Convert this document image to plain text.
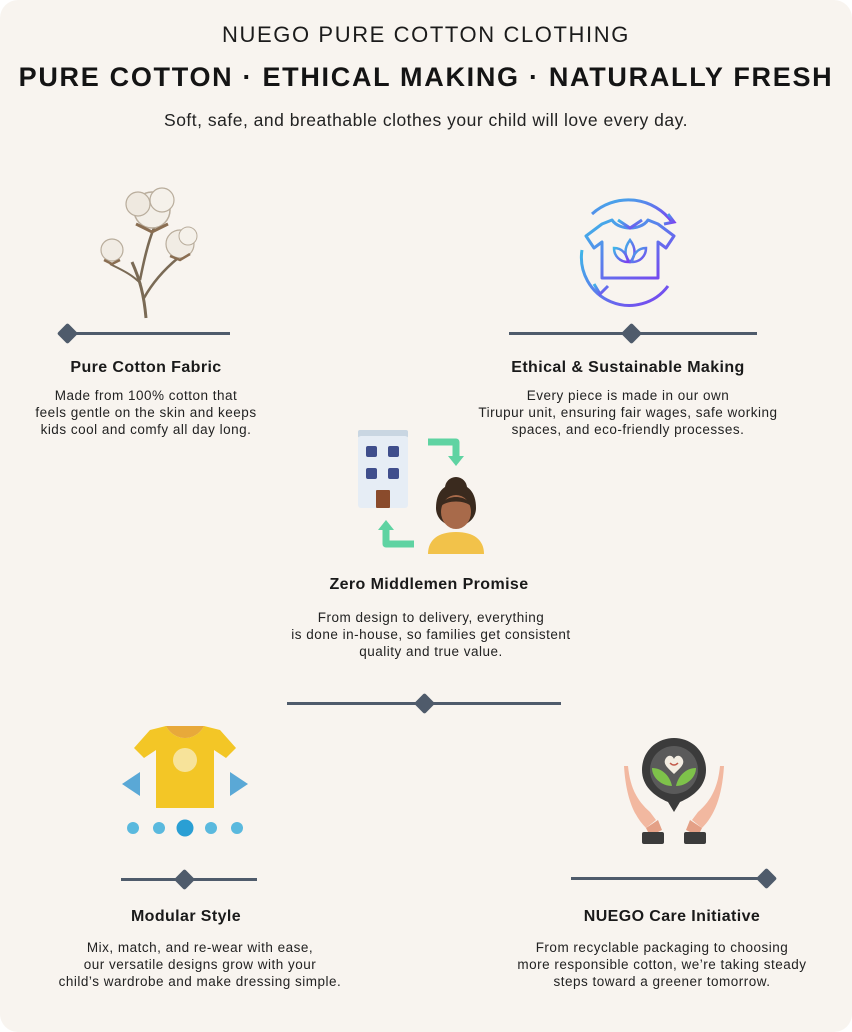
NUEGO PURE COTTON CLOTHING
PURE COTTON · ETHICAL MAKING · NATURALLY FRESH
Soft, safe, and breathable clothes your child will love every day.
Pure Cotton Fabric
Made from 100% cotton that
feels gentle on the skin and keeps
kids cool and comfy all day long.
Ethical & Sustainable Making
Every piece is made in our own
Tirupur unit, ensuring fair wages, safe working
spaces, and eco-friendly processes.
Zero Middlemen Promise
From design to delivery, everything
is done in-house, so families get consistent
quality and true value.
Modular Style
Mix, match, and re-wear with ease,
our versatile designs grow with your
child’s wardrobe and make dressing simple.
NUEGO Care Initiative
From recyclable packaging to choosing
more responsible cotton, we’re taking steady
steps toward a greener tomorrow.
